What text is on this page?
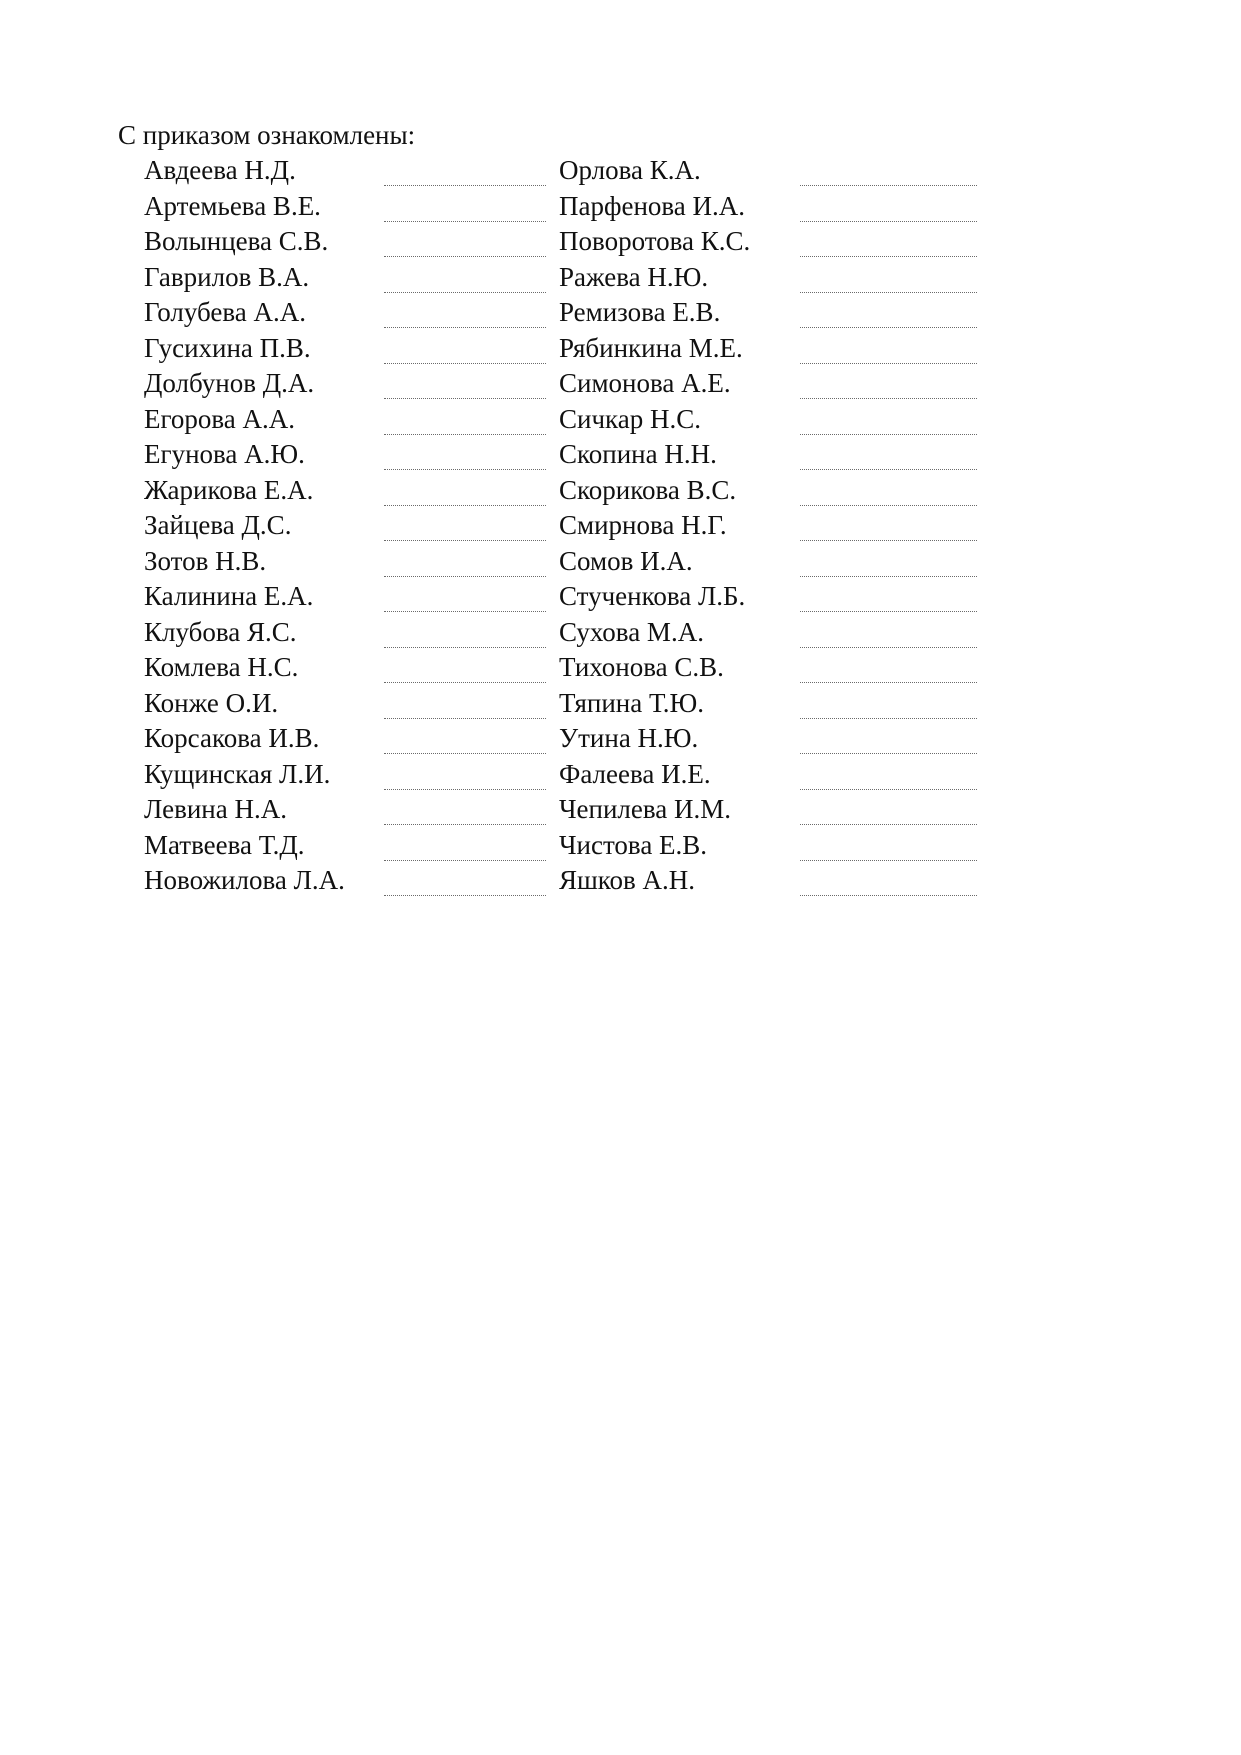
С приказом ознакомлены:
Авдеева Н.Д.	Орлова К.А.
Артемьева В.Е.	Парфенова И.А.
Волынцева С.В.	Поворотова К.С.
Гаврилов В.А.	Ражева Н.Ю.
Голубева А.А.	Ремизова Е.В.
Гусихина П.В.	Рябинкина М.Е.
Долбунов Д.А.	Симонова А.Е.
Егорова А.А.	Сичкар Н.С.
Егунова А.Ю.	Скопина Н.Н.
Жарикова Е.А.	Скорикова В.С.
Зайцева Д.С.	Смирнова Н.Г.
Зотов Н.В.	Сомов И.А.
Калинина Е.А.	Стученкова Л.Б.
Клубова Я.С.	Сухова М.А.
Комлева Н.С.	Тихонова С.В.
Конже О.И.	Тяпина Т.Ю.
Корсакова И.В.	Утина Н.Ю.
Кущинская Л.И.	Фалеева И.Е.
Левина Н.А.	Чепилева И.М.
Матвеева Т.Д.	Чистова Е.В.
Новожилова Л.А.	Яшков А.Н.
